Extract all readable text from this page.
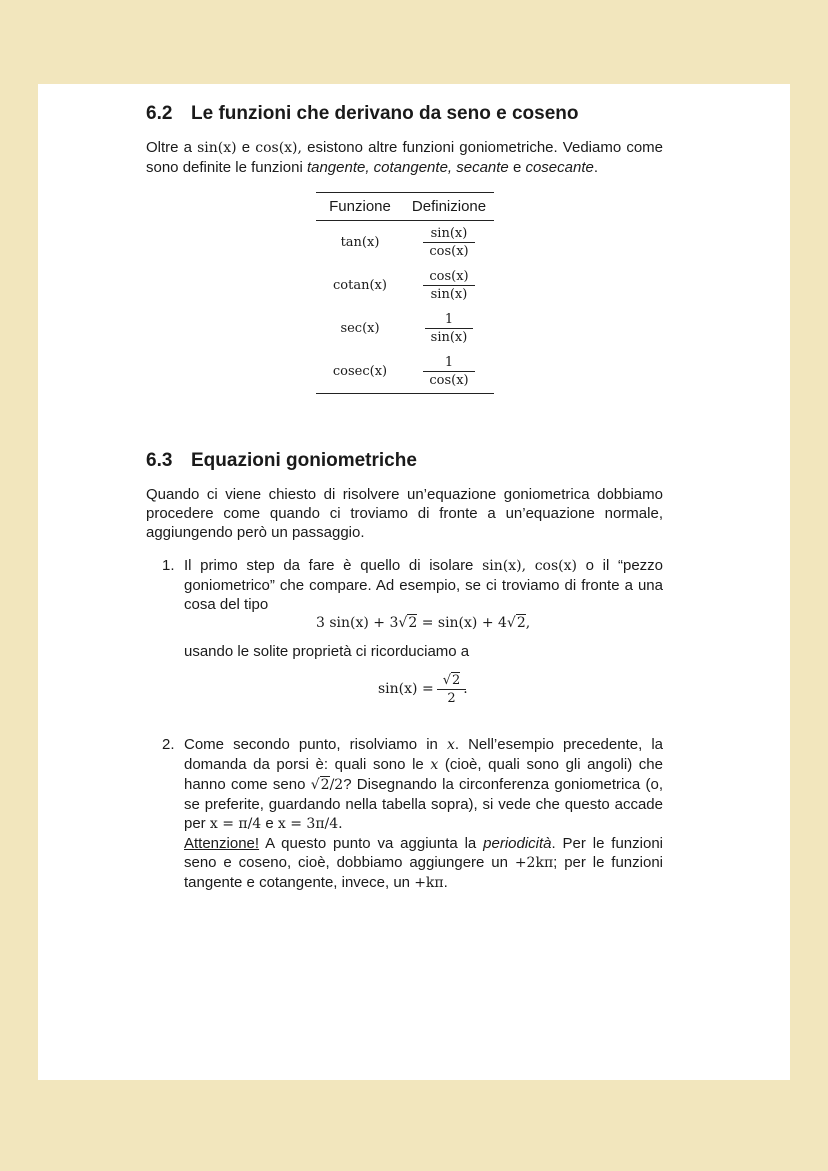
6.2 Le funzioni che derivano da seno e coseno
Oltre a sin(x) e cos(x), esistono altre funzioni goniometriche. Vediamo come sono definite le funzioni tangente, cotangente, secante e cosecante.
Funzione	Definizione
tan(x)	$\frac{\sin(x)}{\cos(x)}$
cotan(x)	$\frac{\cos(x)}{\sin(x)}$
sec(x)	$\frac{1}{\sin(x)}$
cosec(x)	$\frac{1}{\cos(x)}$
6.3 Equazioni goniometriche
Quando ci viene chiesto di risolvere un’equazione goniometrica dobbiamo procedere come quando ci troviamo di fronte a un’equazione normale, aggiungendo però un passaggio.
1. Il primo step da fare è quello di isolare sin(x), cos(x) o il “pezzo goniometrico” che compare. Ad esempio, se ci troviamo di fronte a una cosa del tipo
3 sin(x) + 3√2 = sin(x) + 4√2,
usando le solite proprietà ci ricorduciamo a
$\sin(x) = \frac{√2}{2}$ .
2. Come secondo punto, risolviamo in x. Nell’esempio precedente, la domanda da porsi è: quali sono le x (cioè, quali sono gli angoli) che hanno come seno √2/2? Disegnando la circonferenza goniometrica (o, se preferite, guardando nella tabella sopra), si vede che questo accade per x = π/4 e x = 3π/4.
Attenzione! A questo punto va aggiunta la periodicità. Per le funzioni seno e coseno, cioè, dobbiamo aggiungere un +2kπ; per le funzioni tangente e cotangente, invece, un +kπ.
